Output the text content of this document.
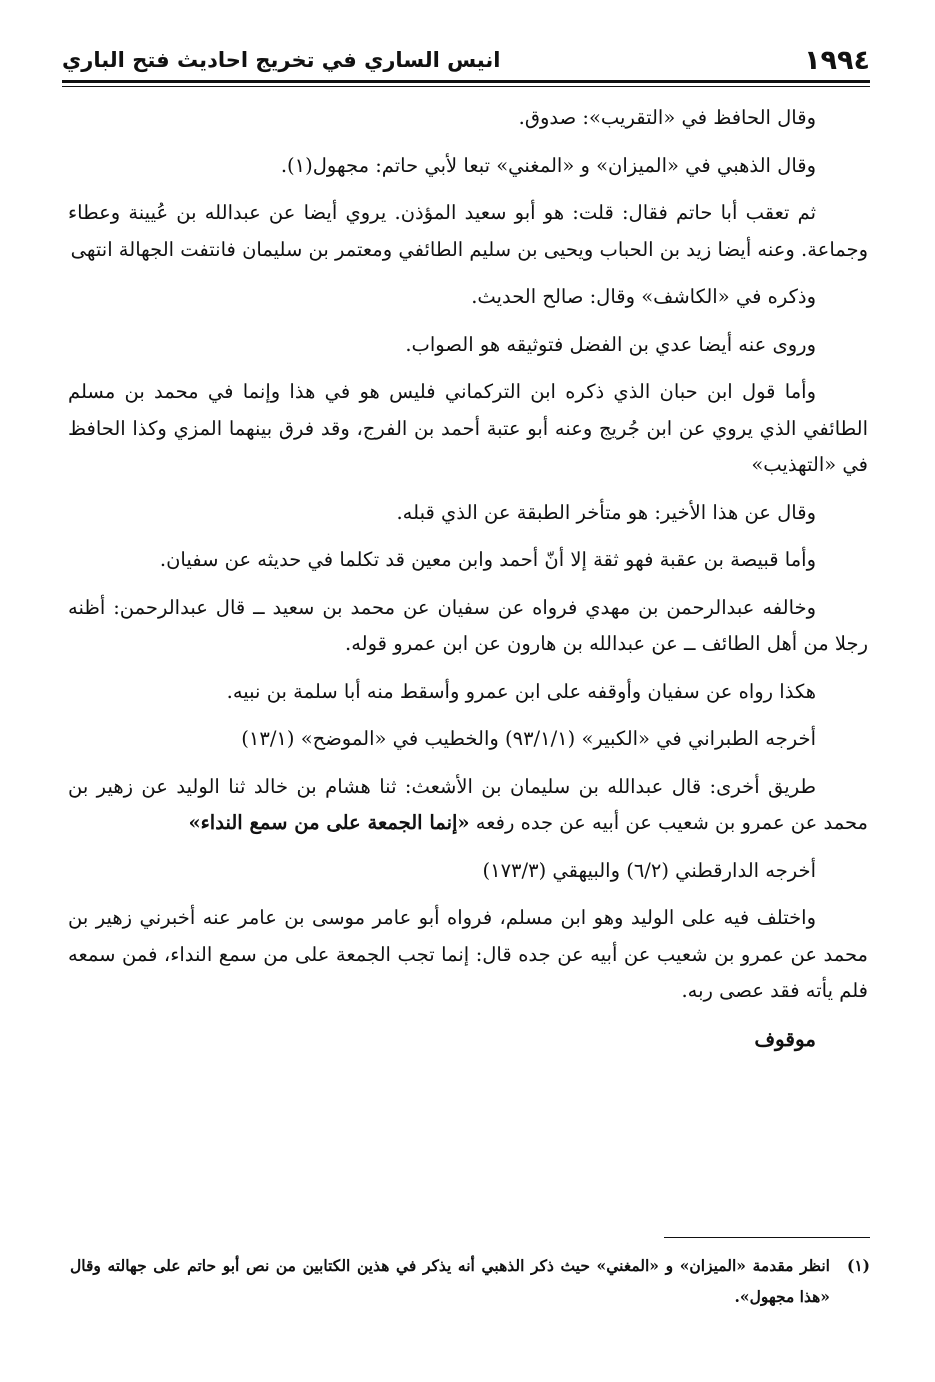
١٩٩٤
انيس الساري في تخريج احاديث فتح الباري

وقال الحافظ في «التقريب»: صدوق.

وقال الذهبي في «الميزان» و «المغني» تبعا لأبي حاتم: مجهول(١).

ثم تعقب أبا حاتم فقال: قلت: هو أبو سعيد المؤذن. يروي أيضا عن عبدالله بن عُيينة وعطاء وجماعة. وعنه أيضا زيد بن الحباب ويحيى بن سليم الطائفي ومعتمر بن سليمان فانتفت الجهالة انتهى

وذكره في «الكاشف» وقال: صالح الحديث.

وروى عنه أيضا عدي بن الفضل فتوثيقه هو الصواب.

وأما قول ابن حبان الذي ذكره ابن التركماني فليس هو في هذا وإنما في محمد بن مسلم الطائفي الذي يروي عن ابن جُريج وعنه أبو عتبة أحمد بن الفرج، وقد فرق بينهما المزي وكذا الحافظ في «التهذيب»

وقال عن هذا الأخير: هو متأخر الطبقة عن الذي قبله.

وأما قبيصة بن عقبة فهو ثقة إلا أنّ أحمد وابن معين قد تكلما في حديثه عن سفيان.

وخالفه عبدالرحمن بن مهدي فرواه عن سفيان عن محمد بن سعيد ــ قال عبدالرحمن: أظنه رجلا من أهل الطائف ــ عن عبدالله بن هارون عن ابن عمرو قوله.

هكذا رواه عن سفيان وأوقفه على ابن عمرو وأسقط منه أبا سلمة بن نبيه.

أخرجه الطبراني في «الكبير» (٩٣/١/١) والخطيب في «الموضح» (١٣/١)

طريق أخرى: قال عبدالله بن سليمان بن الأشعث: ثنا هشام بن خالد ثنا الوليد عن زهير بن محمد عن عمرو بن شعيب عن أبيه عن جده رفعه «إنما الجمعة على من سمع النداء»

أخرجه الدارقطني (٦/٢) والبيهقي (١٧٣/٣)

واختلف فيه على الوليد وهو ابن مسلم، فرواه أبو عامر موسى بن عامر عنه أخبرني زهير بن محمد عن عمرو بن شعيب عن أبيه عن جده قال: إنما تجب الجمعة على من سمع النداء، فمن سمعه فلم يأته فقد عصى ربه.

موقوف

(١)
انظر مقدمة «الميزان» و «المغني» حيث ذكر الذهبي أنه يذكر في هذين الكتابين من نص أبو حاتم على جهالته وقال «هذا مجهول».
